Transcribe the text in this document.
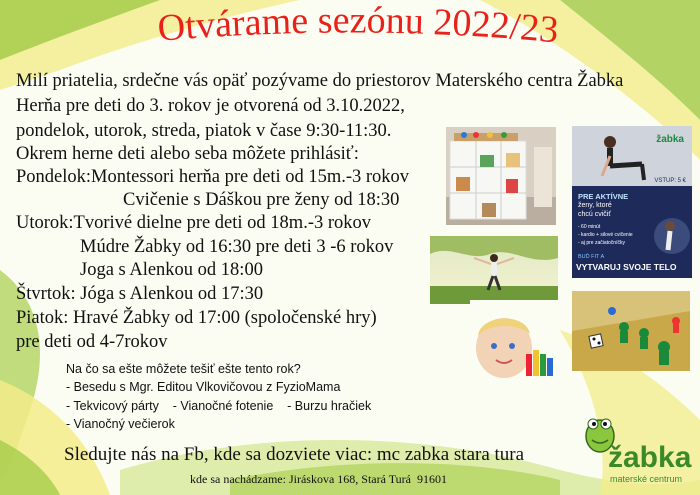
Otvárame sezónu 2022/23
Milí priatelia, srdečne vás opäť pozývame do priestorov Materského centra Žabka
Herňa pre deti do 3. rokov je otvorená od 3.10.2022,
pondelok, utorok, streda, piatok v čase 9:30-11:30.
Okrem herne deti alebo seba môžete prihlásiť:
Pondelok:Montessori herňa pre deti od 15m.-3 rokov
Cvičenie s Dáškou pre ženy od 18:30
Utorok:Tvorivé dielne pre deti od 18m.-3 rokov
Múdre Žabky od 16:30 pre deti 3 -6 rokov
Joga s Alenkou od 18:00
Štvrtok: Jóga s Alenkou od 17:30
Piatok: Hravé Žabky od 17:00 (spoločenské hry)
pre deti od 4-7rokov
Na čo sa ešte môžete tešiť ešte tento rok?
- Besedu s Mgr. Editou Vlkovičovou z FyzioMama
- Tekvicový párty    - Vianočné fotenie    - Burzu hračiek
- Vianočný večierok
Sledujte nás na Fb, kde sa dozviete viac: mc zabka stara tura
kde sa nachádzame: Jiráskova 168, Stará Turá  91601
žabka
VSTUP: 5 €
PRE AKTÍVNE
ženy, ktoré
chcú cvičiť
- 60 minút
- kardio + silové cvičenie
- aj pre začiatočníčky
BUĎ FIT A
VYTVARUJ SVOJE TELO
žabka
materské centrum
